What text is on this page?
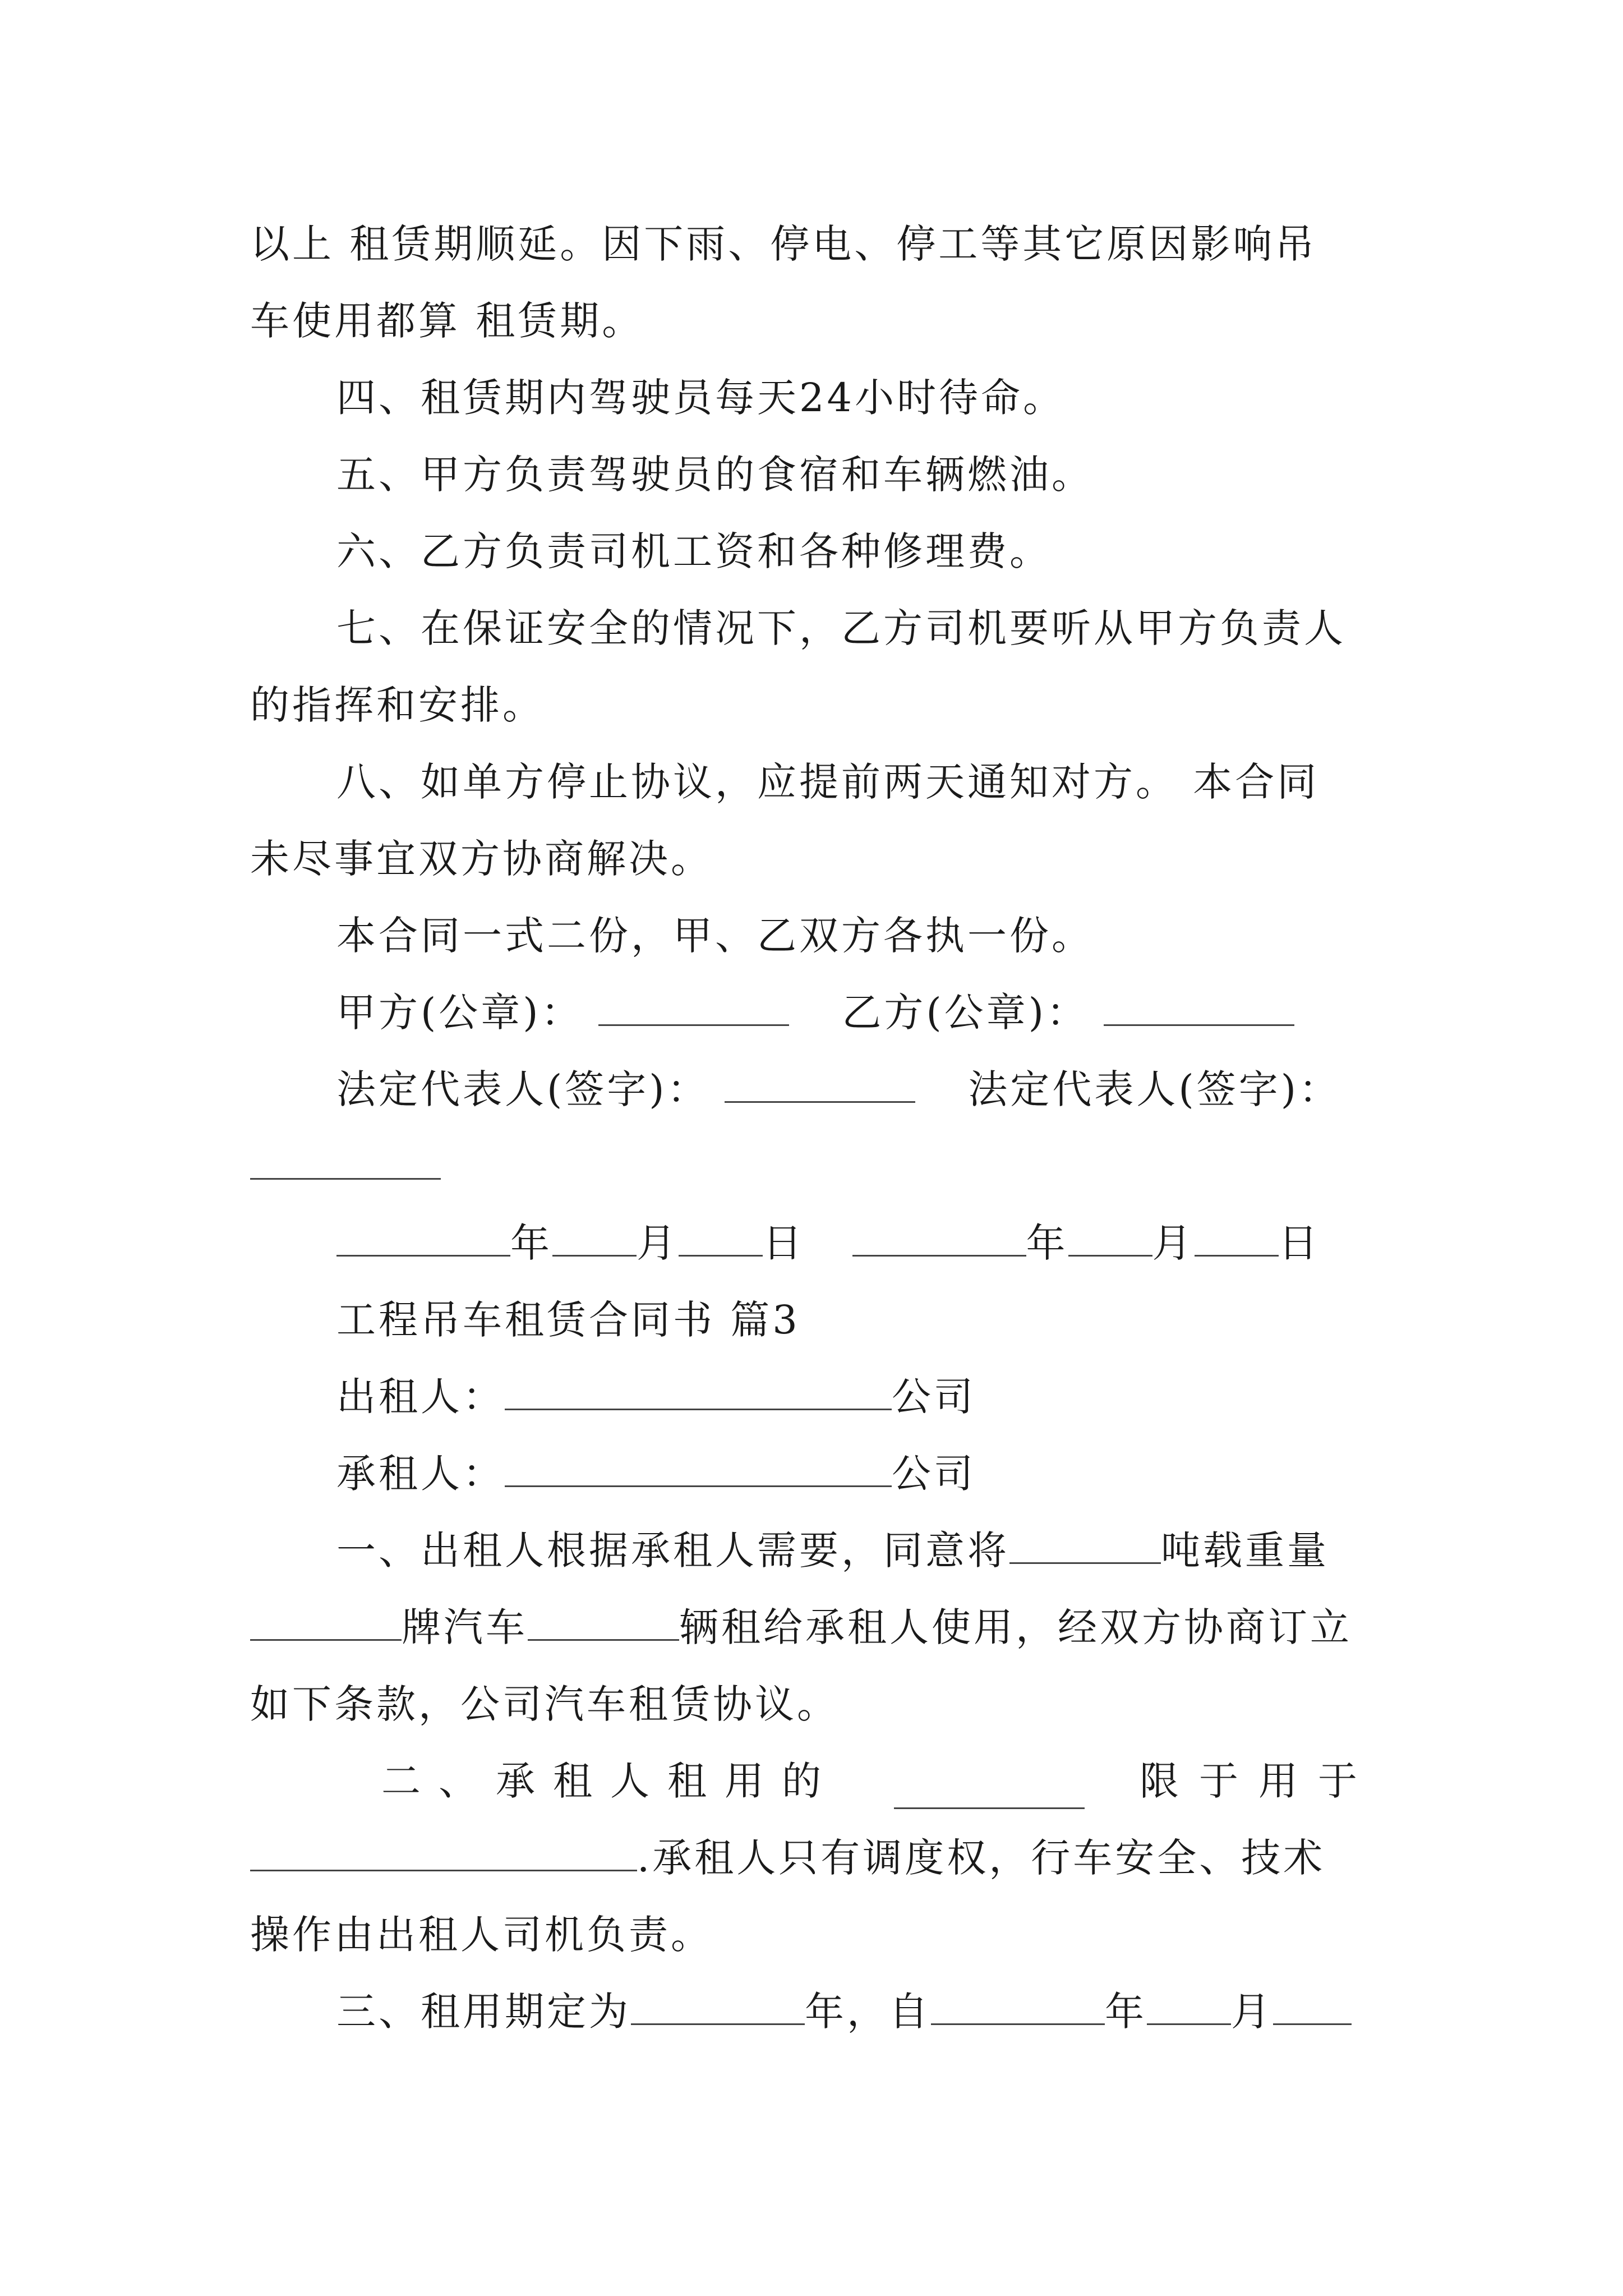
以上 租赁期顺延。因下雨、停电、停工等其它原因影响吊
车使用都算 租赁期。
四、租赁期内驾驶员每天24小时待命。
五、甲方负责驾驶员的食宿和车辆燃油。
六、乙方负责司机工资和各种修理费。
七、在保证安全的情况下，乙方司机要听从甲方负责人
的指挥和安排。
八、如单方停止协议，应提前两天通知对方。 本合同
未尽事宜双方协商解决。
本合同一式二份，甲、乙双方各执一份。
甲方(公章)：	乙方(公章)：
法定代表人(签字)：	法定代表人(签字)：
年 月 日	年 月 日
工程吊车租赁合同书 篇3
出租人：	公司
承租人：	公司
一、出租人根据承租人需要，同意将	吨载重量
牌汽车	辆租给承租人使用，经双方协商订立
如下条款，公司汽车租赁协议。
二、承租人租用的	限于用于
.承租人只有调度权，行车安全、技术
操作由出租人司机负责。
三、租用期定为	年，自	年 月
